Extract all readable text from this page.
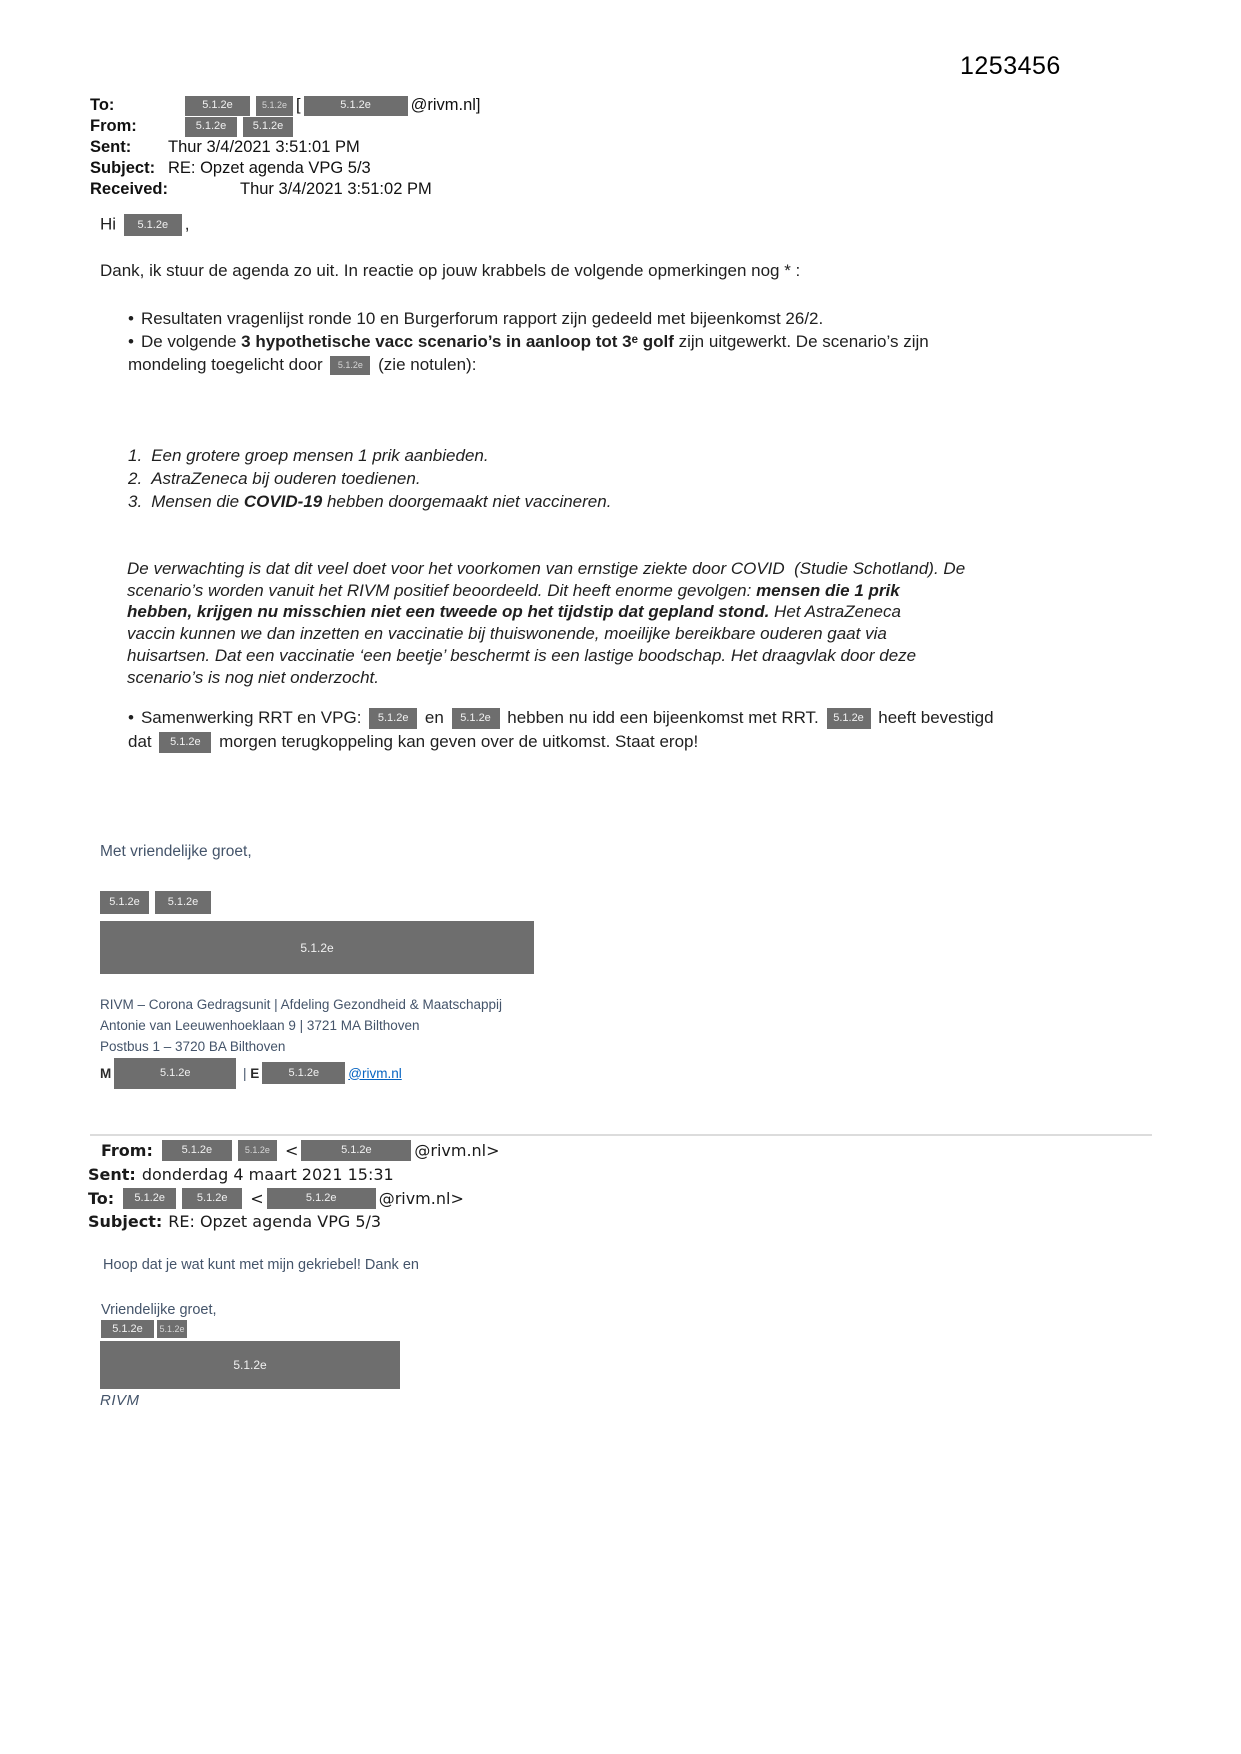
1253456
To:	5.1.2e	5.1.2e [	5.1.2e	@rivm.nl]
From:	5.1.2e	5.1.2e
Sent:	Thur 3/4/2021 3:51:01 PM
Subject: RE: Opzet agenda VPG 5/3
Received:	Thur 3/4/2021 3:51:02 PM
Hi 5.1.2e ,
Dank, ik stuur de agenda zo uit. In reactie op jouw krabbels de volgende opmerkingen nog * :
• Resultaten vragenlijst ronde 10 en Burgerforum rapport zijn gedeeld met bijeenkomst 26/2.
• De volgende 3 hypothetische vacc scenario’s in aanloop tot 3ᵉ golf zijn uitgewerkt. De scenario’s zijn
mondeling toegelicht door 5.1.2e (zie notulen):
1. Een grotere groep mensen 1 prik aanbieden.
2. AstraZeneca bij ouderen toedienen.
3. Mensen die COVID-19 hebben doorgemaakt niet vaccineren.
De verwachting is dat dit veel doet voor het voorkomen van ernstige ziekte door COVID  (Studie Schotland). De
scenario’s worden vanuit het RIVM positief beoordeeld. Dit heeft enorme gevolgen: mensen die 1 prik
hebben, krijgen nu misschien niet een tweede op het tijdstip dat gepland stond. Het AstraZeneca
vaccin kunnen we dan inzetten en vaccinatie bij thuiswonende, moeilijke bereikbare ouderen gaat via
huisartsen. Dat een vaccinatie ‘een beetje’ beschermt is een lastige boodschap. Het draagvlak door deze
scenario’s is nog niet onderzocht.
• Samenwerking RRT en VPG: 5.1.2e en 5.1.2e hebben nu idd een bijeenkomst met RRT. 5.1.2e heeft bevestigd
dat 5.1.2e morgen terugkoppeling kan geven over de uitkomst. Staat erop!
Met vriendelijke groet,
5.1.2e	5.1.2e
5.1.2e
RIVM – Corona Gedragsunit | Afdeling Gezondheid & Maatschappij
Antonie van Leeuwenhoeklaan 9 | 3721 MA Bilthoven
Postbus 1 – 3720 BA Bilthoven
M	5.1.2e	| E	5.1.2e	@rivm.nl
From:	5.1.2e	5.1.2e <	5.1.2e	@rivm.nl>
Sent: donderdag 4 maart 2021 15:31
To:	5.1.2e	5.1.2e	<	5.1.2e	@rivm.nl>
Subject: RE: Opzet agenda VPG 5/3
Hoop dat je wat kunt met mijn gekriebel! Dank en
Vriendelijke groet,
5.1.2e	5.1.2e
5.1.2e
RIVM
